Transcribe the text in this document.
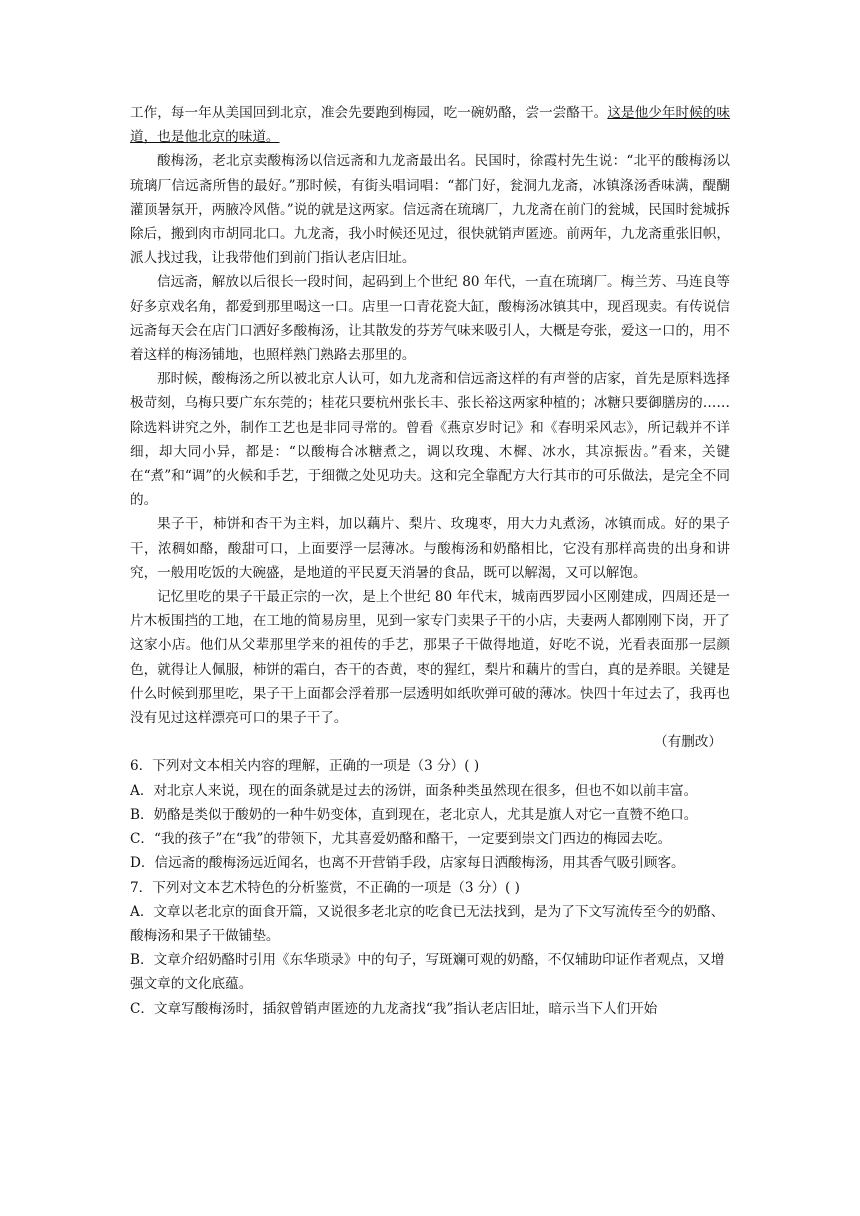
工作，每一年从美国回到北京，准会先要跑到梅园，吃一碗奶酪，尝一尝酪干。这是他少年时候的味道，也是他北京的味道。

酸梅汤，老北京卖酸梅汤以信远斋和九龙斋最出名。民国时，徐霞村先生说：“北平的酸梅汤以琉璃厂信远斋所售的最好。”那时候，有街头唱词唱：“都门好，瓮洞九龙斋，冰镇涤汤香味满，醍醐灌顶暑氛开，两腋冷风偕。”说的就是这两家。信远斋在琉璃厂，九龙斋在前门的瓮城，民国时瓮城拆除后，搬到肉市胡同北口。九龙斋，我小时候还见过，很快就销声匿迹。前两年，九龙斋重张旧帜，派人找过我，让我带他们到前门指认老店旧址。

信远斋，解放以后很长一段时间，起码到上个世纪 80 年代，一直在琉璃厂。梅兰芳、马连良等好多京戏名角，都爱到那里喝这一口。店里一口青花瓷大缸，酸梅汤冰镇其中，现舀现卖。有传说信远斋每天会在店门口洒好多酸梅汤，让其散发的芬芳气味来吸引人，大概是夸张，爱这一口的，用不着这样的梅汤铺地，也照样熟门熟路去那里的。

那时候，酸梅汤之所以被北京人认可，如九龙斋和信远斋这样的有声誉的店家，首先是原料选择极苛刻，乌梅只要广东东莞的；桂花只要杭州张长丰、张长裕这两家种植的；冰糖只要御膳房的……除选料讲究之外，制作工艺也是非同寻常的。曾看《燕京岁时记》和《春明采风志》，所记载并不详细，却大同小异，都是：“以酸梅合冰糖煮之，调以玫瑰、木樨、冰水，其凉振齿。”看来，关键在“煮”和“调”的火候和手艺，于细微之处见功夫。这和完全靠配方大行其市的可乐做法，是完全不同的。

果子干，柿饼和杏干为主料，加以藕片、梨片、玫瑰枣，用大力丸煮汤，冰镇而成。好的果子干，浓稠如酪，酸甜可口，上面要浮一层薄冰。与酸梅汤和奶酪相比，它没有那样高贵的出身和讲究，一般用吃饭的大碗盛，是地道的平民夏天消暑的食品，既可以解渴，又可以解饱。

记忆里吃的果子干最正宗的一次，是上个世纪 80 年代末，城南西罗园小区刚建成，四周还是一片木板围挡的工地，在工地的简易房里，见到一家专门卖果子干的小店，夫妻两人都刚刚下岗，开了这家小店。他们从父辈那里学来的祖传的手艺，那果子干做得地道，好吃不说，光看表面那一层颜色，就得让人佩服，柿饼的霜白，杏干的杏黄，枣的猩红，梨片和藕片的雪白，真的是养眼。关键是什么时候到那里吃，果子干上面都会浮着那一层透明如纸吹弹可破的薄冰。快四十年过去了，我再也没有见过这样漂亮可口的果子干了。

（有删改）

6．下列对文本相关内容的理解，正确的一项是（3 分）( )

A．对北京人来说，现在的面条就是过去的汤饼，面条种类虽然现在很多，但也不如以前丰富。

B．奶酪是类似于酸奶的一种牛奶变体，直到现在，老北京人，尤其是旗人对它一直赞不绝口。

C．“我的孩子”在“我”的带领下，尤其喜爱奶酪和酪干，一定要到崇文门西边的梅园去吃。

D．信远斋的酸梅汤远近闻名，也离不开营销手段，店家每日洒酸梅汤，用其香气吸引顾客。

7．下列对文本艺术特色的分析鉴赏，不正确的一项是（3 分）( )

A．文章以老北京的面食开篇，又说很多老北京的吃食已无法找到，是为了下文写流传至今的奶酪、酸梅汤和果子干做铺垫。

B．文章介绍奶酪时引用《东华琐录》中的句子，写斑斓可观的奶酪，不仅辅助印证作者观点，又增强文章的文化底蕴。

C．文章写酸梅汤时，插叙曾销声匿迹的九龙斋找“我”指认老店旧址，暗示当下人们开始
